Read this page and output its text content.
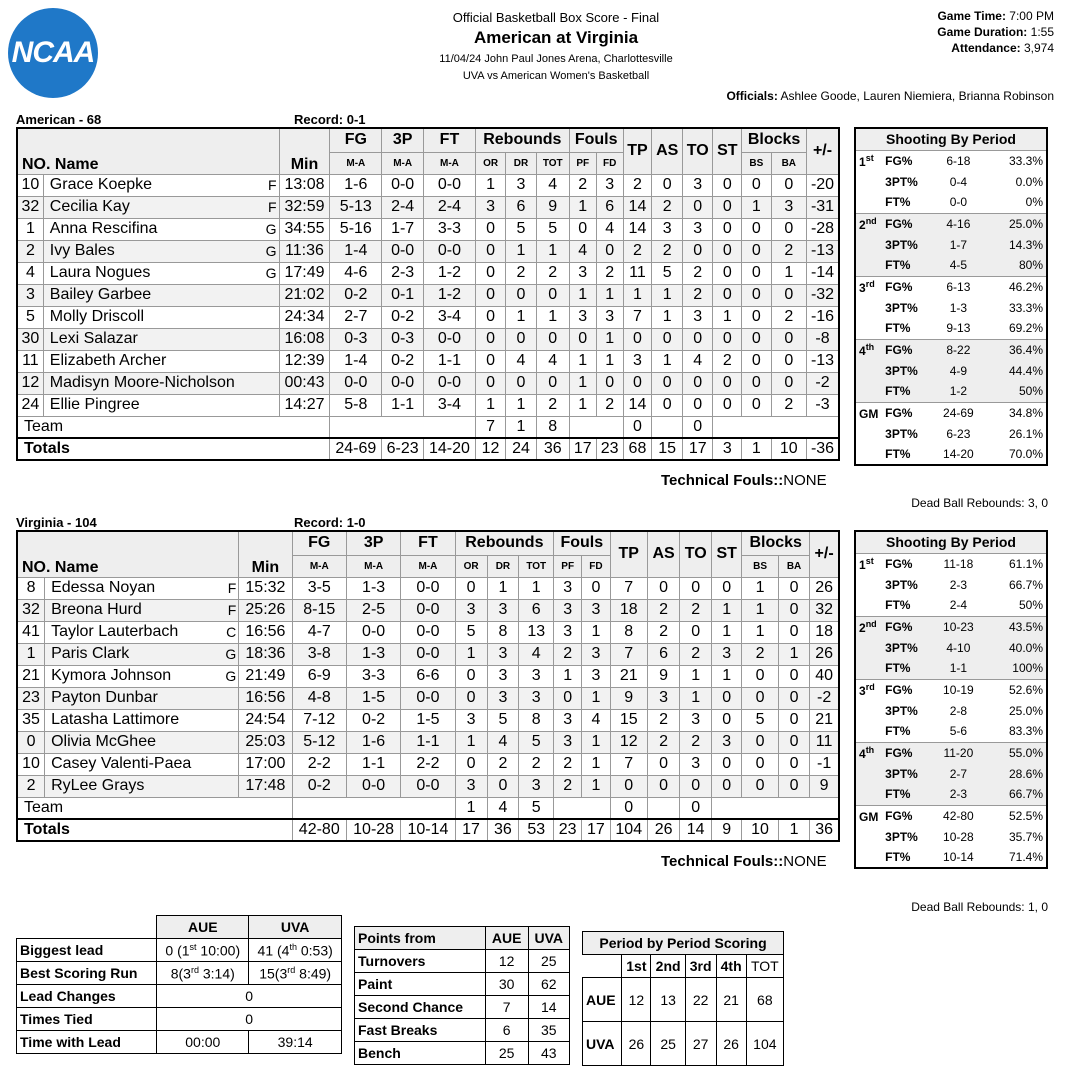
NCAA
Official Basketball Box Score - Final
American at Virginia
11/04/24 John Paul Jones Arena, Charlottesville
UVA vs American Women's Basketball
Game Time: 7:00 PM
Game Duration: 1:55
Attendance: 3,974
Officials: Ashlee Goode, Lauren Niemiera, Brianna Robinson
American - 68	Record: 0-1
NO. Name			Min	FG	3P	FT	Rebounds			Fouls		TP	AS	TO	ST	Blocks		+/-
				M-A	M-A	M-A	OR	DR	TOT	PF	FD					BS	BA	
10	Grace Koepke	F	13:08	1-6	0-0	0-0	1	3	4	2	3	2	0	3	0	0	0	-20
32	Cecilia Kay	F	32:59	5-13	2-4	2-4	3	6	9	1	6	14	2	0	0	1	3	-31
1	Anna Rescifina	G	34:55	5-16	1-7	3-3	0	5	5	0	4	14	3	3	0	0	0	-28
2	Ivy Bales	G	11:36	1-4	0-0	0-0	0	1	1	4	0	2	2	0	0	0	2	-13
4	Laura Nogues	G	17:49	4-6	2-3	1-2	0	2	2	3	2	11	5	2	0	0	1	-14
3	Bailey Garbee		21:02	0-2	0-1	1-2	0	0	0	1	1	1	1	2	0	0	0	-32
5	Molly Driscoll		24:34	2-7	0-2	3-4	0	1	1	3	3	7	1	3	1	0	2	-16
30	Lexi Salazar		16:08	0-3	0-3	0-0	0	0	0	0	1	0	0	0	0	0	0	-8
11	Elizabeth Archer		12:39	1-4	0-2	1-1	0	4	4	1	1	3	1	4	2	0	0	-13
12	Madisyn Moore-Nicholson		00:43	0-0	0-0	0-0	0	0	0	1	0	0	0	0	0	0	0	-2
24	Ellie Pingree		14:27	5-8	1-1	3-4	1	1	2	1	2	14	0	0	0	0	2	-3
Team							7	1	8			0		0				
Totals				24-69	6-23	14-20	12	24	36	17	23	68	15	17	3	1	10	-36
Technical Fouls::NONE
Shooting By Period			
1st	FG%	6-18	33.3%
	3PT%	0-4	0.0%
	FT%	0-0	0%
2nd	FG%	4-16	25.0%
	3PT%	1-7	14.3%
	FT%	4-5	80%
3rd	FG%	6-13	46.2%
	3PT%	1-3	33.3%
	FT%	9-13	69.2%
4th	FG%	8-22	36.4%
	3PT%	4-9	44.4%
	FT%	1-2	50%
GM	FG%	24-69	34.8%
	3PT%	6-23	26.1%
	FT%	14-20	70.0%
Dead Ball Rebounds: 3, 0
Virginia - 104	Record: 1-0
NO. Name			Min	FG	3P	FT	Rebounds			Fouls		TP	AS	TO	ST	Blocks		+/-
				M-A	M-A	M-A	OR	DR	TOT	PF	FD					BS	BA	
8	Edessa Noyan	F	15:32	3-5	1-3	0-0	0	1	1	3	0	7	0	0	0	1	0	26
32	Breona Hurd	F	25:26	8-15	2-5	0-0	3	3	6	3	3	18	2	2	1	1	0	32
41	Taylor Lauterbach	C	16:56	4-7	0-0	0-0	5	8	13	3	1	8	2	0	1	1	0	18
1	Paris Clark	G	18:36	3-8	1-3	0-0	1	3	4	2	3	7	6	2	3	2	1	26
21	Kymora Johnson	G	21:49	6-9	3-3	6-6	0	3	3	1	3	21	9	1	1	0	0	40
23	Payton Dunbar		16:56	4-8	1-5	0-0	0	3	3	0	1	9	3	1	0	0	0	-2
35	Latasha Lattimore		24:54	7-12	0-2	1-5	3	5	8	3	4	15	2	3	0	5	0	21
0	Olivia McGhee		25:03	5-12	1-6	1-1	1	4	5	3	1	12	2	2	3	0	0	11
10	Casey Valenti-Paea		17:00	2-2	1-1	2-2	0	2	2	2	1	7	0	3	0	0	0	-1
2	RyLee Grays		17:48	0-2	0-0	0-0	3	0	3	2	1	0	0	0	0	0	0	9
Team							1	4	5			0		0				
Totals				42-80	10-28	10-14	17	36	53	23	17	104	26	14	9	10	1	36
Technical Fouls::NONE
Shooting By Period			
1st	FG%	11-18	61.1%
	3PT%	2-3	66.7%
	FT%	2-4	50%
2nd	FG%	10-23	43.5%
	3PT%	4-10	40.0%
	FT%	1-1	100%
3rd	FG%	10-19	52.6%
	3PT%	2-8	25.0%
	FT%	5-6	83.3%
4th	FG%	11-20	55.0%
	3PT%	2-7	28.6%
	FT%	2-3	66.7%
GM	FG%	42-80	52.5%
	3PT%	10-28	35.7%
	FT%	10-14	71.4%
Dead Ball Rebounds: 1, 0
	AUE	UVA
Biggest lead	0 (1st 10:00)	41 (4th 0:53)
Best Scoring Run	8(3rd 3:14)	15(3rd 8:49)
Lead Changes	0	
Times Tied	0	
Time with Lead	00:00	39:14
Points from	AUE	UVA
Turnovers	12	25
Paint	30	62
Second Chance	7	14
Fast Breaks	6	35
Bench	25	43
Period by Period Scoring					
	1st	2nd	3rd	4th	TOT
AUE	12	13	22	21	68
UVA	26	25	27	26	104
